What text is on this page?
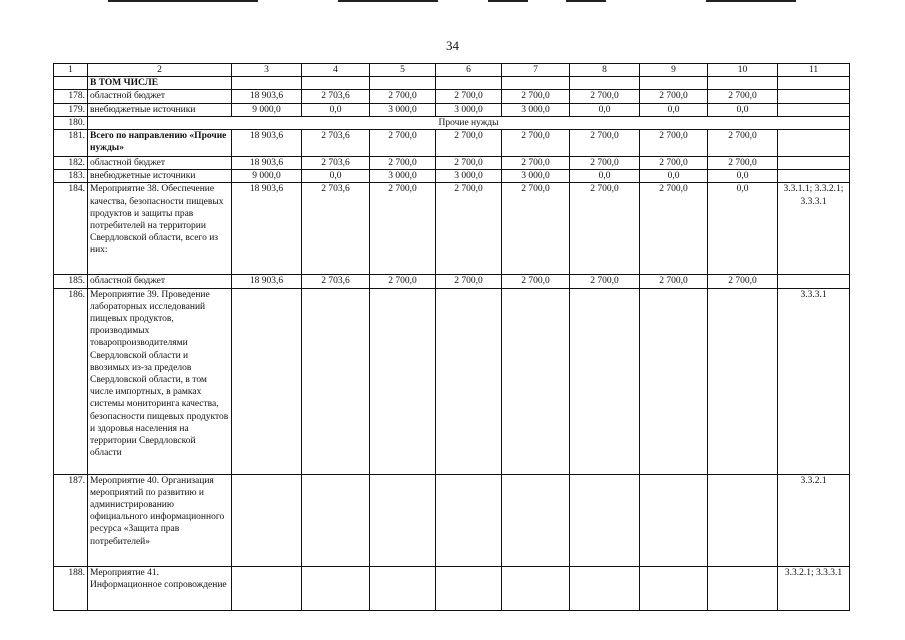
34
1	2	3	4	5	6	7	8	9	10	11
	В ТОМ ЧИСЛЕ									
178.	областной бюджет	18 903,6	2 703,6	2 700,0	2 700,0	2 700,0	2 700,0	2 700,0	2 700,0	
179.	внебюджетные источники	9 000,0	0,0	3 000,0	3 000,0	3 000,0	0,0	0,0	0,0	
180.	Прочие нужды									
181.	Всего по направлению «Прочие нужды»	18 903,6	2 703,6	2 700,0	2 700,0	2 700,0	2 700,0	2 700,0	2 700,0	
182.	областной бюджет	18 903,6	2 703,6	2 700,0	2 700,0	2 700,0	2 700,0	2 700,0	2 700,0	
183.	внебюджетные источники	9 000,0	0,0	3 000,0	3 000,0	3 000,0	0,0	0,0	0,0	
184.	Мероприятие 38. Обеспечение качества, безопасности пищевых продуктов и защиты прав потребителей на территории Свердловской области, всего из них:	18 903,6	2 703,6	2 700,0	2 700,0	2 700,0	2 700,0	2 700,0	0,0	3.3.1.1; 3.3.2.1; 3.3.3.1
185.	областной бюджет	18 903,6	2 703,6	2 700,0	2 700,0	2 700,0	2 700,0	2 700,0	2 700,0	
186.	Мероприятие 39. Проведение лабораторных исследований пищевых продуктов, производимых товаропроизводителями Свердловской области и ввозимых из-за пределов Свердловской области, в том числе импортных, в рамках системы мониторинга качества, безопасности пищевых продуктов и здоровья населения на территории Свердловской области									3.3.3.1
187.	Мероприятие 40. Организация мероприятий по развитию и администрированию официального информационного ресурса «Защита прав потребителей»									3.3.2.1
188.	Мероприятие 41. Информационное сопровождение									3.3.2.1; 3.3.3.1
